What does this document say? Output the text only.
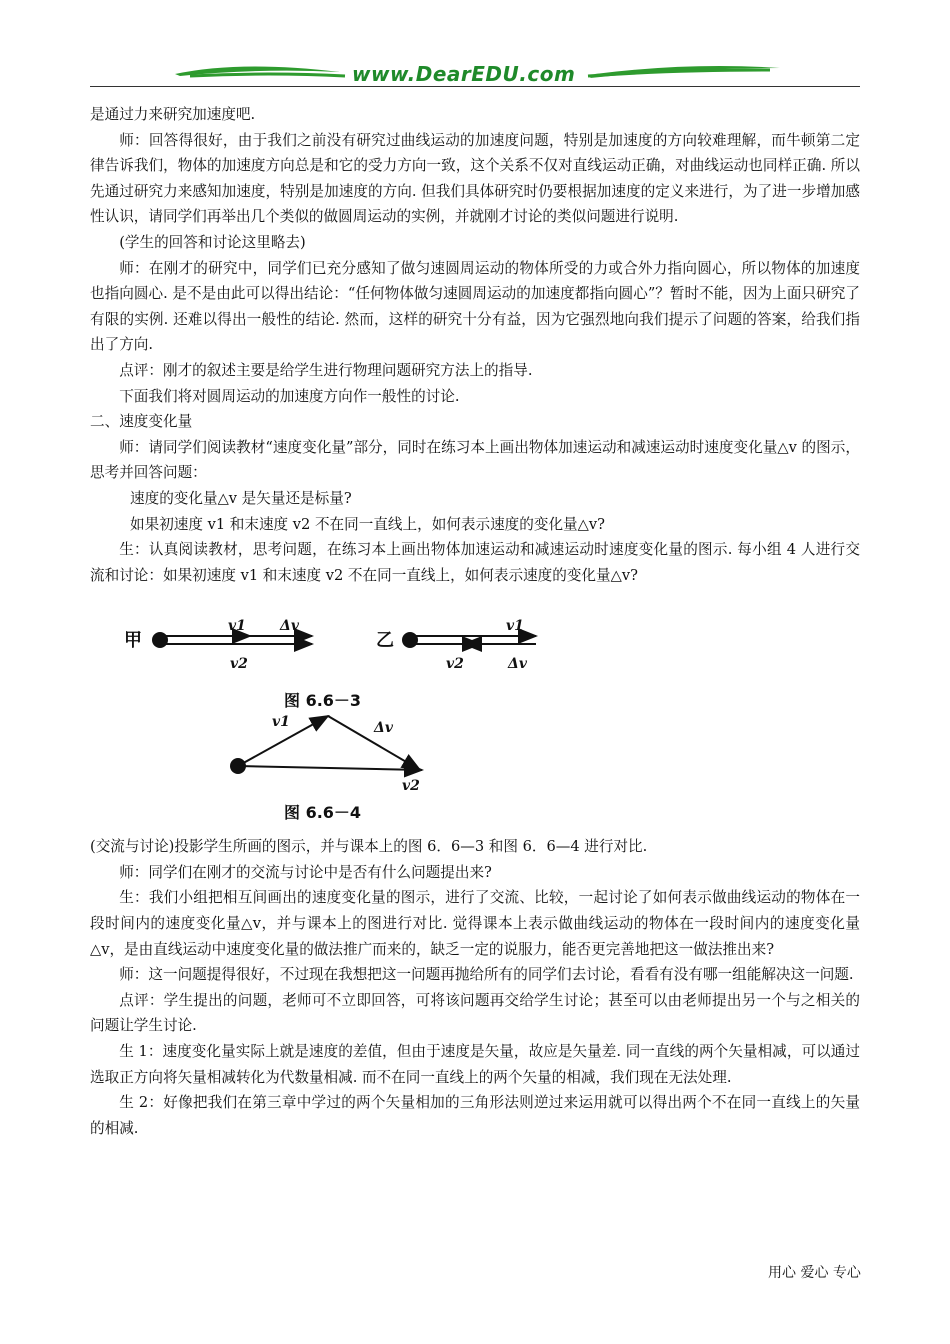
www.DearEDU.com

是通过力来研究加速度吧.

师：回答得很好，由于我们之前没有研究过曲线运动的加速度问题，特别是加速度的方向较难理解，而牛顿第二定律告诉我们，物体的加速度方向总是和它的受力方向一致，这个关系不仅对直线运动正确，对曲线运动也同样正确. 所以先通过研究力来感知加速度，特别是加速度的方向. 但我们具体研究时仍要根据加速度的定义来进行，为了进一步增加感性认识，请同学们再举出几个类似的做圆周运动的实例，并就刚才讨论的类似问题进行说明.

(学生的回答和讨论这里略去)

师：在刚才的研究中，同学们已充分感知了做匀速圆周运动的物体所受的力或合外力指向圆心，所以物体的加速度也指向圆心. 是不是由此可以得出结论：“任何物体做匀速圆周运动的加速度都指向圆心”？暂时不能，因为上面只研究了有限的实例. 还难以得出一般性的结论. 然而，这样的研究十分有益，因为它强烈地向我们提示了问题的答案，给我们指出了方向.

点评：刚才的叙述主要是给学生进行物理问题研究方法上的指导.

下面我们将对圆周运动的加速度方向作一般性的讨论.

二、速度变化量

师：请同学们阅读教材“速度变化量”部分，同时在练习本上画出物体加速运动和减速运动时速度变化量△v 的图示，思考并回答问题：

速度的变化量△v 是矢量还是标量?

如果初速度 v1 和末速度 v2 不在同一直线上，如何表示速度的变化量△v?

生：认真阅读教材，思考问题，在练习本上画出物体加速运动和减速运动时速度变化量的图示. 每小组 4 人进行交流和讨论：如果初速度 v1 和末速度 v2 不在同一直线上，如何表示速度的变化量△v?

甲
v1 Δv
v2
乙
v1
v2	Δv
图 6.6－3
v1	Δv
v2
图 6.6－4

(交流与讨论)投影学生所画的图示，并与课本上的图 6．6—3 和图 6．6—4 进行对比.

师：同学们在刚才的交流与讨论中是否有什么问题提出来?

生：我们小组把相互间画出的速度变化量的图示，进行了交流、比较，一起讨论了如何表示做曲线运动的物体在一段时间内的速度变化量△v，并与课本上的图进行对比. 觉得课本上表示做曲线运动的物体在一段时间内的速度变化量△v，是由直线运动中速度变化量的做法推广而来的，缺乏一定的说服力，能否更完善地把这一做法推出来?

师：这一问题提得很好，不过现在我想把这一问题再抛给所有的同学们去讨论，看看有没有哪一组能解决这一问题.

点评：学生提出的问题，老师可不立即回答，可将该问题再交给学生讨论；甚至可以由老师提出另一个与之相关的问题让学生讨论.

生 1：速度变化量实际上就是速度的差值，但由于速度是矢量，故应是矢量差. 同一直线的两个矢量相减，可以通过选取正方向将矢量相减转化为代数量相减. 而不在同一直线上的两个矢量的相减，我们现在无法处理.

生 2：好像把我们在第三章中学过的两个矢量相加的三角形法则逆过来运用就可以得出两个不在同一直线上的矢量的相减.

用心 爱心 专心
